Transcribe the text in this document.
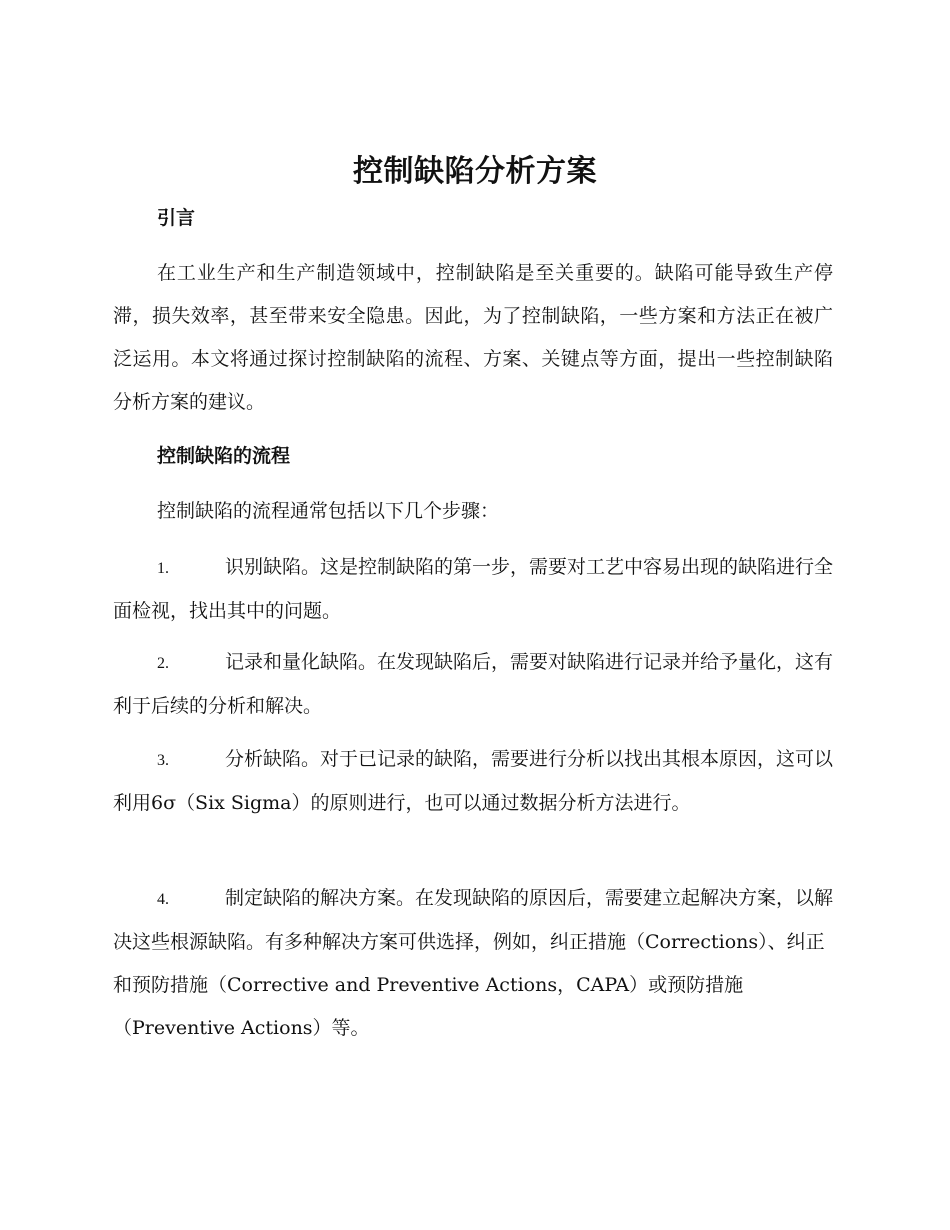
控制缺陷分析方案
引言

在工业生产和生产制造领域中，控制缺陷是至关重要的。缺陷可能导致生产停滞，损失效率，甚至带来安全隐患。因此，为了控制缺陷，一些方案和方法正在被广泛运用。本文将通过探讨控制缺陷的流程、方案、关键点等方面，提出一些控制缺陷分析方案的建议。

控制缺陷的流程

控制缺陷的流程通常包括以下几个步骤：

1.	识别缺陷。这是控制缺陷的第一步，需要对工艺中容易出现的缺陷进行全面检视，找出其中的问题。

2.	记录和量化缺陷。在发现缺陷后，需要对缺陷进行记录并给予量化，这有利于后续的分析和解决。

3.	分析缺陷。对于已记录的缺陷，需要进行分析以找出其根本原因，这可以利用6σ（Six Sigma）的原则进行，也可以通过数据分析方法进行。

4.	制定缺陷的解决方案。在发现缺陷的原因后，需要建立起解决方案，以解决这些根源缺陷。有多种解决方案可供选择，例如，纠正措施（Corrections）、纠正和预防措施（Corrective and Preventive Actions，CAPA）或预防措施（Preventive Actions）等。
